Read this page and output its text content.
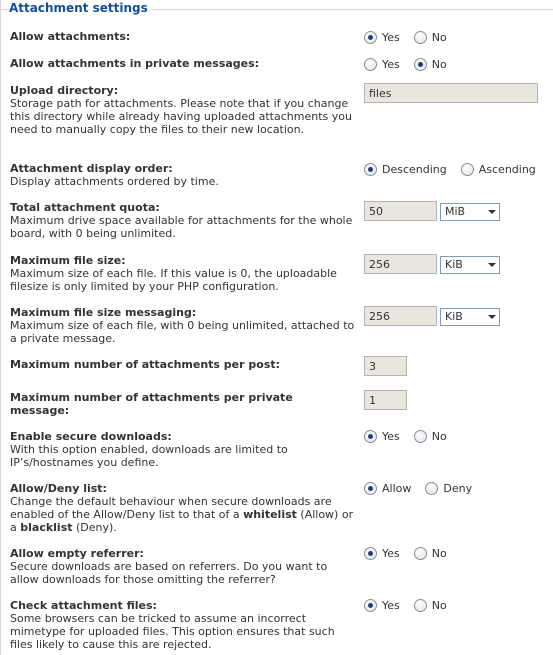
Attachment settings
Allow attachments:	Yes	No
Allow attachments in private messages:	Yes	No
Upload directory:
Storage path for attachments. Please note that if you change this directory while already having uploaded attachments you need to manually copy the files to their new location.
files
Attachment display order:
Display attachments ordered by time.
Descending	Ascending
Total attachment quota:
Maximum drive space available for attachments for the whole board, with 0 being unlimited.
50	MiB
Maximum file size:
Maximum size of each file. If this value is 0, the uploadable filesize is only limited by your PHP configuration.
256	KiB
Maximum file size messaging:
Maximum size of each file, with 0 being unlimited, attached to a private message.
256	KiB
Maximum number of attachments per post:	3
Maximum number of attachments per private message:
1
Enable secure downloads:
With this option enabled, downloads are limited to IP’s/hostnames you define.
Yes	No
Allow/Deny list:
Change the default behaviour when secure downloads are enabled of the Allow/Deny list to that of a whitelist (Allow) or a blacklist (Deny).
Allow	Deny
Allow empty referrer:
Secure downloads are based on referrers. Do you want to allow downloads for those omitting the referrer?
Yes	No
Check attachment files:
Some browsers can be tricked to assume an incorrect mimetype for uploaded files. This option ensures that such files likely to cause this are rejected.
Yes	No
